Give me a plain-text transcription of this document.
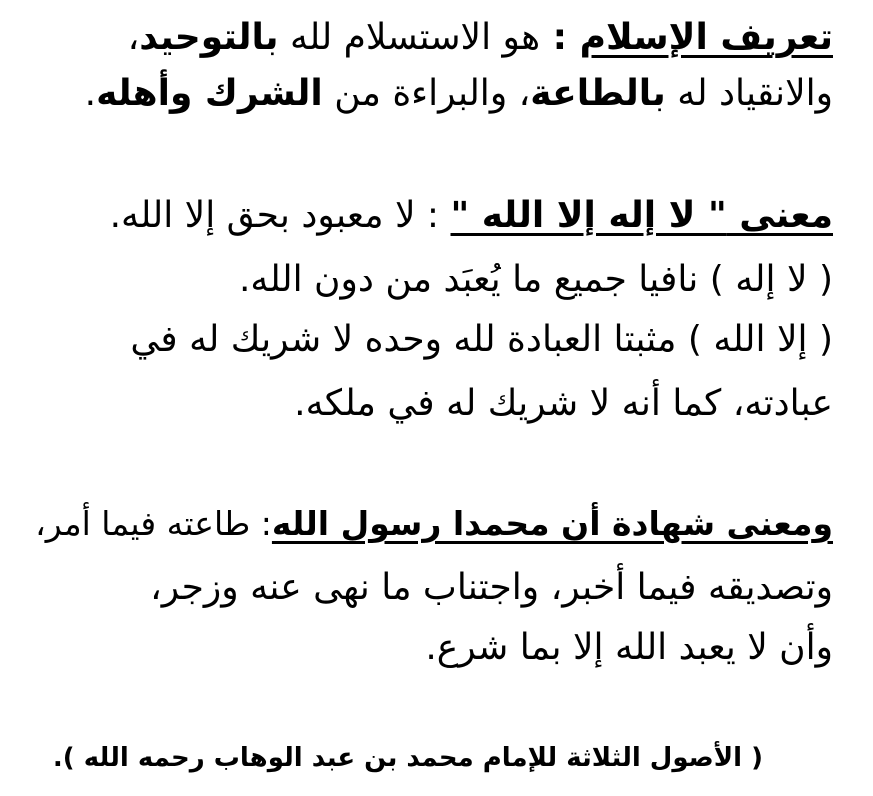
تعريف الإسلام : هو الاستسلام لله بالتوحيد،
والانقياد له بالطاعة، والبراءة من الشرك وأهله.
معنى " لا إله إلا الله " : لا معبود بحق إلا الله.
( لا إله ) نافيا جميع ما يُعبَد من دون الله.
( إلا الله ) مثبتا العبادة لله وحده لا شريك له في
عبادته، كما أنه لا شريك له في ملكه.
ومعنى شهادة أن محمدا رسول الله: طاعته فيما أمر،
وتصديقه فيما أخبر، واجتناب ما نهى عنه وزجر،
وأن لا يعبد الله إلا بما شرع.
( الأصول الثلاثة للإمام محمد بن عبد الوهاب رحمه الله ).
